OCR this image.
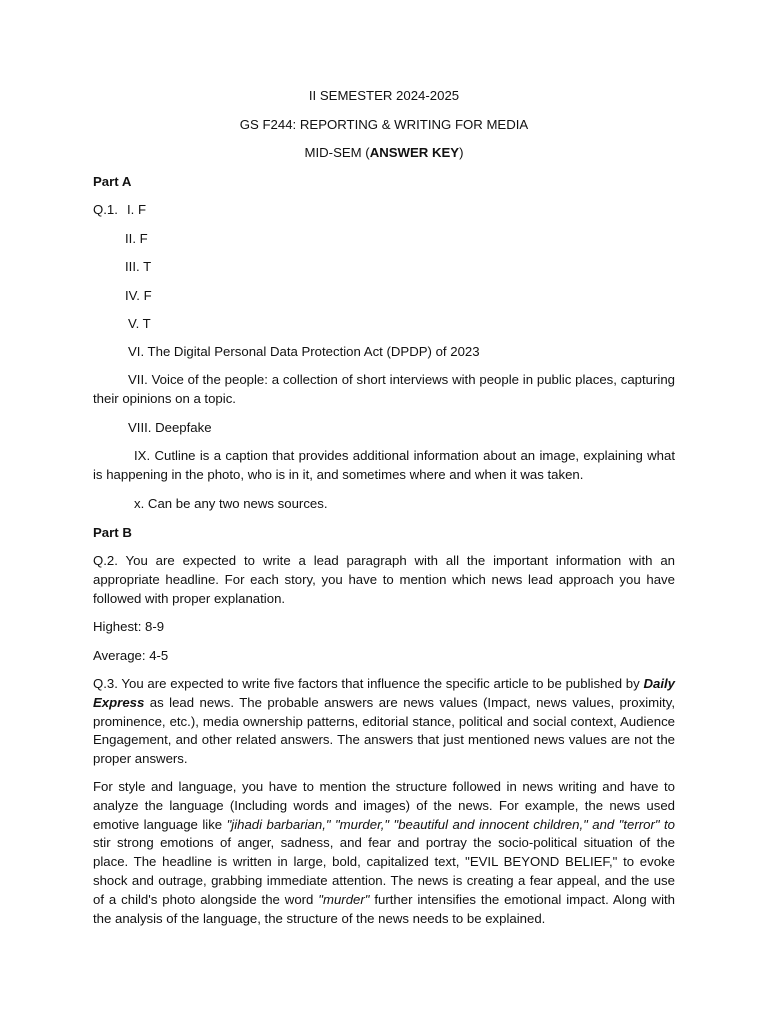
II SEMESTER 2024-2025
GS F244: REPORTING & WRITING FOR MEDIA
MID-SEM (ANSWER KEY)
Part A
Q.1. I. F
II. F
III. T
IV. F
V. T
VI. The Digital Personal Data Protection Act (DPDP) of 2023
VII. Voice of the people: a collection of short interviews with people in public places, capturing their opinions on a topic.
VIII. Deepfake
IX. Cutline is a caption that provides additional information about an image, explaining what is happening in the photo, who is in it, and sometimes where and when it was taken.
x. Can be any two news sources.
Part B
Q.2. You are expected to write a lead paragraph with all the important information with an appropriate headline. For each story, you have to mention which news lead approach you have followed with proper explanation.
Highest: 8-9
Average: 4-5
Q.3. You are expected to write five factors that influence the specific article to be published by Daily Express as lead news. The probable answers are news values (Impact, news values, proximity, prominence, etc.), media ownership patterns, editorial stance, political and social context, Audience Engagement, and other related answers. The answers that just mentioned news values are not the proper answers.
For style and language, you have to mention the structure followed in news writing and have to analyze the language (Including words and images) of the news. For example, the news used emotive language like "jihadi barbarian," "murder," "beautiful and innocent children," and "terror" to stir strong emotions of anger, sadness, and fear and portray the socio-political situation of the place. The headline is written in large, bold, capitalized text, "EVIL BEYOND BELIEF," to evoke shock and outrage, grabbing immediate attention. The news is creating a fear appeal, and the use of a child's photo alongside the word "murder" further intensifies the emotional impact. Along with the analysis of the language, the structure of the news needs to be explained.
